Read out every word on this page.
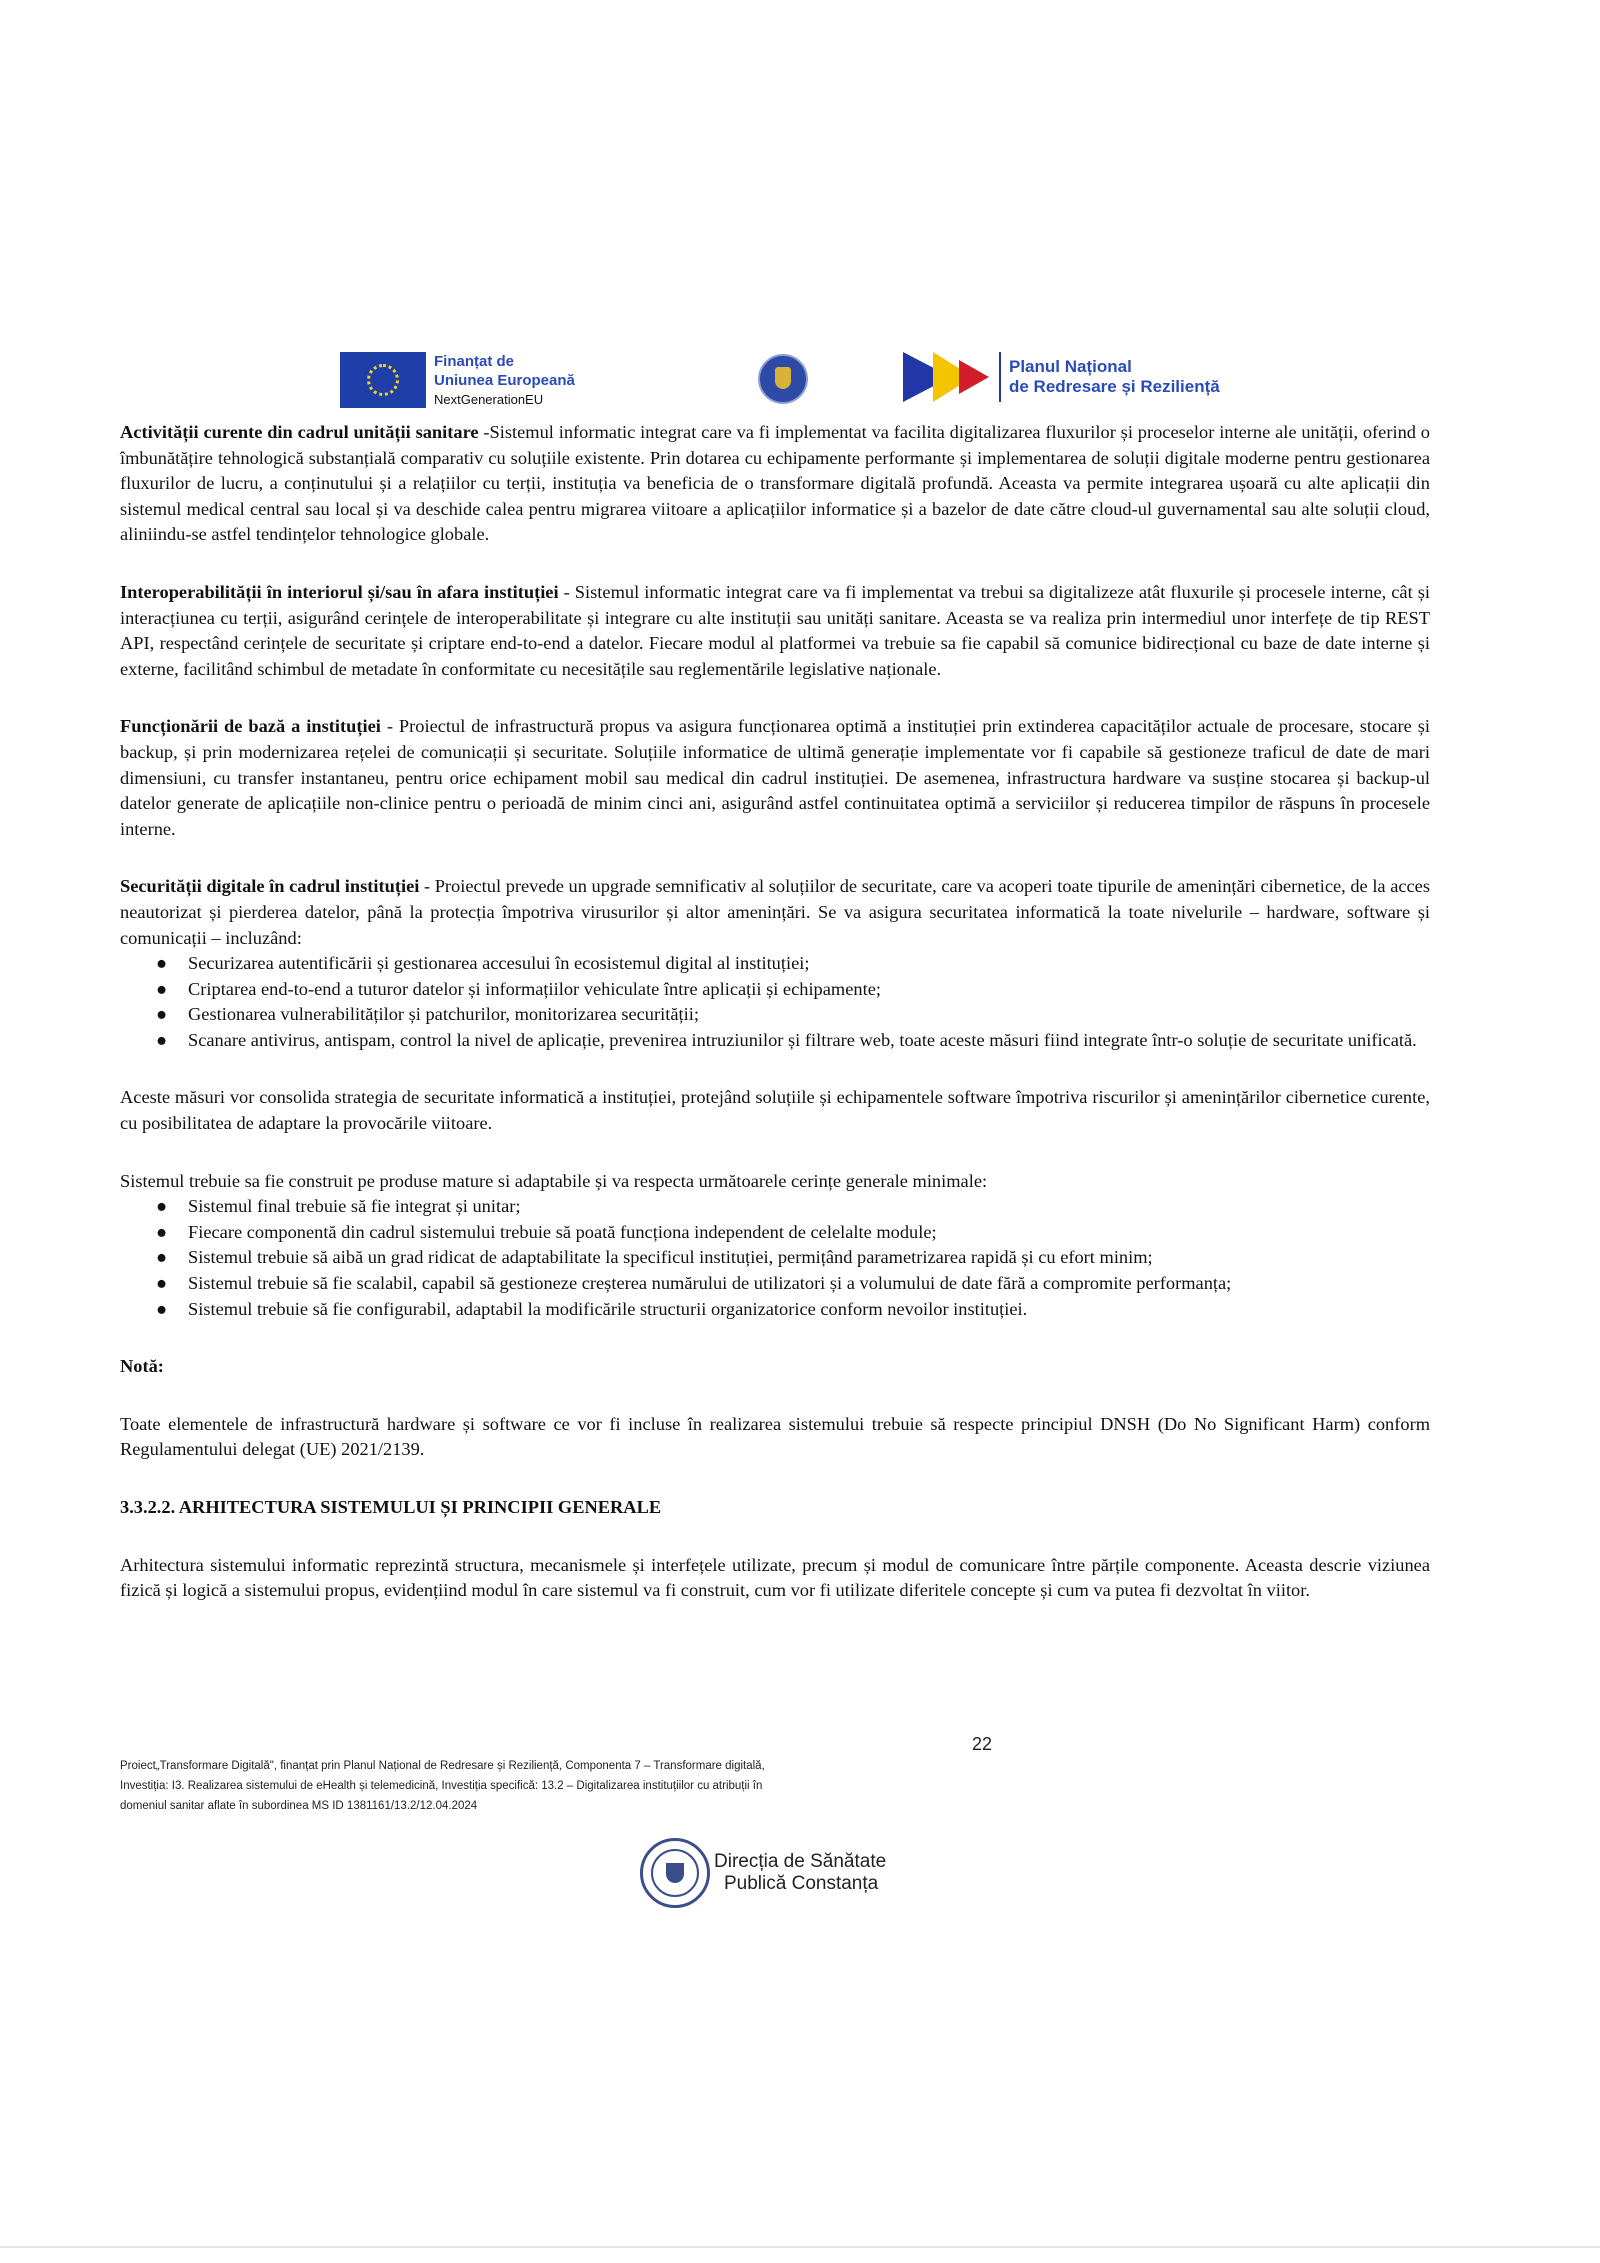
Finanțat de
Uniunea Europeană
NextGenerationEU
Planul Național
de Redresare și Reziliență

Activității curente din cadrul unității sanitare -Sistemul informatic integrat care va fi implementat va facilita digitalizarea fluxurilor și proceselor interne ale unității, oferind o îmbunătățire tehnologică substanțială comparativ cu soluțiile existente. Prin dotarea cu echipamente performante și implementarea de soluții digitale moderne pentru gestionarea fluxurilor de lucru, a conținutului și a relațiilor cu terții, instituția va beneficia de o transformare digitală profundă. Aceasta va permite integrarea ușoară cu alte aplicații din sistemul medical central sau local și va deschide calea pentru migrarea viitoare a aplicațiilor informatice și a bazelor de date către cloud-ul guvernamental sau alte soluții cloud, aliniindu-se astfel tendințelor tehnologice globale.

Interoperabilității în interiorul și/sau în afara instituției - Sistemul informatic integrat care va fi implementat va trebui sa digitalizeze atât fluxurile și procesele interne, cât și interacțiunea cu terții, asigurând cerințele de interoperabilitate și integrare cu alte instituții sau unități sanitare. Aceasta se va realiza prin intermediul unor interfețe de tip REST API, respectând cerințele de securitate și criptare end-to-end a datelor. Fiecare modul al platformei va trebuie sa fie capabil să comunice bidirecțional cu baze de date interne și externe, facilitând schimbul de metadate în conformitate cu necesitățile sau reglementările legislative naționale.

Funcționării de bază a instituției - Proiectul de infrastructură propus va asigura funcționarea optimă a instituției prin extinderea capacităților actuale de procesare, stocare și backup, și prin modernizarea rețelei de comunicații și securitate. Soluțiile informatice de ultimă generație implementate vor fi capabile să gestioneze traficul de date de mari dimensiuni, cu transfer instantaneu, pentru orice echipament mobil sau medical din cadrul instituției. De asemenea, infrastructura hardware va susține stocarea și backup-ul datelor generate de aplicațiile non-clinice pentru o perioadă de minim cinci ani, asigurând astfel continuitatea optimă a serviciilor și reducerea timpilor de răspuns în procesele interne.

Securității digitale în cadrul instituției - Proiectul prevede un upgrade semnificativ al soluțiilor de securitate, care va acoperi toate tipurile de amenințări cibernetice, de la acces neautorizat și pierderea datelor, până la protecția împotriva virusurilor și altor amenințări. Se va asigura securitatea informatică la toate nivelurile – hardware, software și comunicații – incluzând:

● Securizarea autentificării și gestionarea accesului în ecosistemul digital al instituției;
● Criptarea end-to-end a tuturor datelor și informațiilor vehiculate între aplicații și echipamente;
● Gestionarea vulnerabilităților și patchurilor, monitorizarea securității;
● Scanare antivirus, antispam, control la nivel de aplicație, prevenirea intruziunilor și filtrare web, toate aceste măsuri fiind integrate într-o soluție de securitate unificată.

Aceste măsuri vor consolida strategia de securitate informatică a instituției, protejând soluțiile și echipamentele software împotriva riscurilor și amenințărilor cibernetice curente, cu posibilitatea de adaptare la provocările viitoare.

Sistemul trebuie sa fie construit pe produse mature si adaptabile și va respecta următoarele cerințe generale minimale:

● Sistemul final trebuie să fie integrat și unitar;
● Fiecare componentă din cadrul sistemului trebuie să poată funcționa independent de celelalte module;
● Sistemul trebuie să aibă un grad ridicat de adaptabilitate la specificul instituției, permițând parametrizarea rapidă și cu efort minim;
● Sistemul trebuie să fie scalabil, capabil să gestioneze creșterea numărului de utilizatori și a volumului de date fără a compromite performanța;
● Sistemul trebuie să fie configurabil, adaptabil la modificările structurii organizatorice conform nevoilor instituției.

Notă:

Toate elementele de infrastructură hardware și software ce vor fi incluse în realizarea sistemului trebuie să respecte principiul DNSH (Do No Significant Harm) conform Regulamentului delegat (UE) 2021/2139.

3.3.2.2. ARHITECTURA SISTEMULUI ȘI PRINCIPII GENERALE

Arhitectura sistemului informatic reprezintă structura, mecanismele și interfețele utilizate, precum și modul de comunicare între părțile componente. Aceasta descrie viziunea fizică și logică a sistemului propus, evidențiind modul în care sistemul va fi construit, cum vor fi utilizate diferitele concepte și cum va putea fi dezvoltat în viitor.

22
Proiect„Transformare Digitală", finanțat prin Planul Național de Redresare și Reziliență, Componenta 7 – Transformare digitală,
Investiția: I3. Realizarea sistemului de eHealth și telemedicină, Investiția specifică: 13.2 – Digitalizarea instituțiilor cu atribuții în
domeniul sanitar aflate în subordinea MS ID 1381161/13.2/12.04.2024
Direcția de Sănătate
Publică Constanța
